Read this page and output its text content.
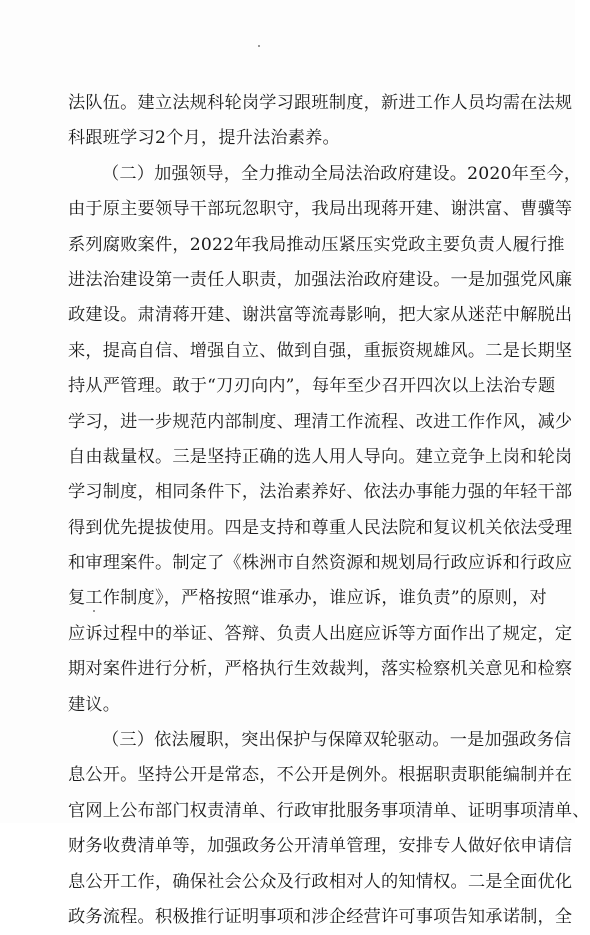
法队伍。建立法规科轮岗学习跟班制度，新进工作人员均需在法规
科跟班学习2个月，提升法治素养。
（二）加强领导，全力推动全局法治政府建设。2020年至今，
由于原主要领导干部玩忽职守，我局出现蒋开建、谢洪富、曹骥等
系列腐败案件，2022年我局推动压紧压实党政主要负责人履行推
进法治建设第一责任人职责，加强法治政府建设。一是加强党风廉
政建设。肃清蒋开建、谢洪富等流毒影响，把大家从迷茫中解脱出
来，提高自信、增强自立、做到自强，重振资规雄风。二是长期坚
持从严管理。敢于“刀刃向内”，每年至少召开四次以上法治专题
学习，进一步规范内部制度、理清工作流程、改进工作作风，减少
自由裁量权。三是坚持正确的选人用人导向。建立竞争上岗和轮岗
学习制度，相同条件下，法治素养好、依法办事能力强的年轻干部
得到优先提拔使用。四是支持和尊重人民法院和复议机关依法受理
和审理案件。制定了《株洲市自然资源和规划局行政应诉和行政应
复工作制度》，严格按照“谁承办，谁应诉，谁负责”的原则，对
应诉过程中的举证、答辩、负责人出庭应诉等方面作出了规定，定
期对案件进行分析，严格执行生效裁判，落实检察机关意见和检察
建议。
（三）依法履职，突出保护与保障双轮驱动。一是加强政务信
息公开。坚持公开是常态，不公开是例外。根据职责职能编制并在
官网上公布部门权责清单、行政审批服务事项清单、证明事项清单、
财务收费清单等，加强政务公开清单管理，安排专人做好依申请信
息公开工作，确保社会公众及行政相对人的知情权。二是全面优化
政务流程。积极推行证明事项和涉企经营许可事项告知承诺制，全
